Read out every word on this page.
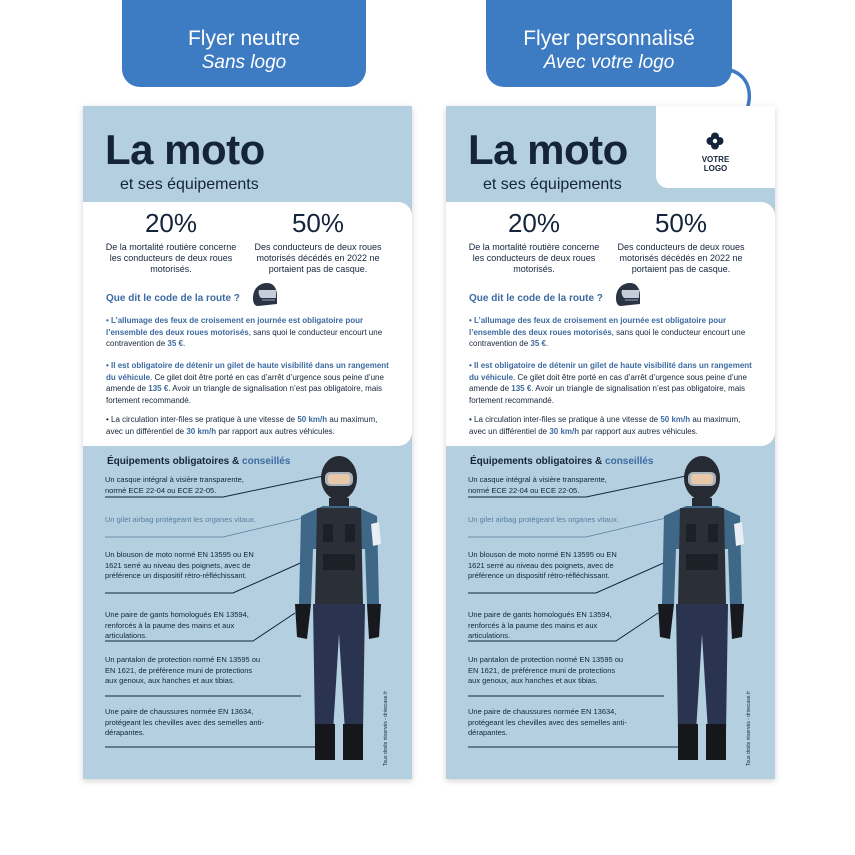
Flyer neutre
Sans logo
Flyer personnalisé
Avec votre logo
La moto
et ses équipements
20%
De la mortalité routière concerne les conducteurs de deux roues motorisés.
50%
Des conducteurs de deux roues motorisés décédés en 2022 ne portaient pas de casque.
Que dit le code de la route ?
• L’allumage des feux de croisement en journée est obligatoire pour l’ensemble des deux roues motorisés, sans quoi le conducteur encourt une contravention de 35 €.
• Il est obligatoire de détenir un gilet de haute visibilité dans un rangement du véhicule. Ce gilet doit être porté en cas d’arrêt d’urgence sous peine d’une amende de 135 €. Avoir un triangle de signalisation n’est pas obligatoire, mais fortement recommandé.
• La circulation inter-files se pratique à une vitesse de 50 km/h au maximum, avec un différentiel de 30 km/h par rapport aux autres véhicules.
Équipements obligatoires & conseillés
Un casque intégral à visière transparente, normé ECE 22-04 ou ECE 22-05.
Un gilet airbag protégeant les organes vitaux.
Un blouson de moto normé EN 13595 ou EN 1621 serré au niveau des poignets, avec de préférence un dispositif rétro-réfléchissant.
Une paire de gants homologués EN 13594, renforcés à la paume des mains et aux articulations.
Un pantalon de protection normé EN 13595 ou EN 1621, de préférence muni de protections aux genoux, aux hanches et aux tibias.
Une paire de chaussures normée EN 13634, protégeant les chevilles avec des semelles anti-dérapantes.	Tous droits réservés - drivecase.fr
La moto
et ses équipements
VOTRE LOGO
20%
De la mortalité routière concerne les conducteurs de deux roues motorisés.
50%
Des conducteurs de deux roues motorisés décédés en 2022 ne portaient pas de casque.
Que dit le code de la route ?
• L’allumage des feux de croisement en journée est obligatoire pour l’ensemble des deux roues motorisés, sans quoi le conducteur encourt une contravention de 35 €.
• Il est obligatoire de détenir un gilet de haute visibilité dans un rangement du véhicule. Ce gilet doit être porté en cas d’arrêt d’urgence sous peine d’une amende de 135 €. Avoir un triangle de signalisation n’est pas obligatoire, mais fortement recommandé.
• La circulation inter-files se pratique à une vitesse de 50 km/h au maximum, avec un différentiel de 30 km/h par rapport aux autres véhicules.
Équipements obligatoires & conseillés
Un casque intégral à visière transparente, normé ECE 22-04 ou ECE 22-05.
Un gilet airbag protégeant les organes vitaux.
Un blouson de moto normé EN 13595 ou EN 1621 serré au niveau des poignets, avec de préférence un dispositif rétro-réfléchissant.
Une paire de gants homologués EN 13594, renforcés à la paume des mains et aux articulations.
Un pantalon de protection normé EN 13595 ou EN 1621, de préférence muni de protections aux genoux, aux hanches et aux tibias.
Une paire de chaussures normée EN 13634, protégeant les chevilles avec des semelles anti-dérapantes.	Tous droits réservés - drivecase.fr
